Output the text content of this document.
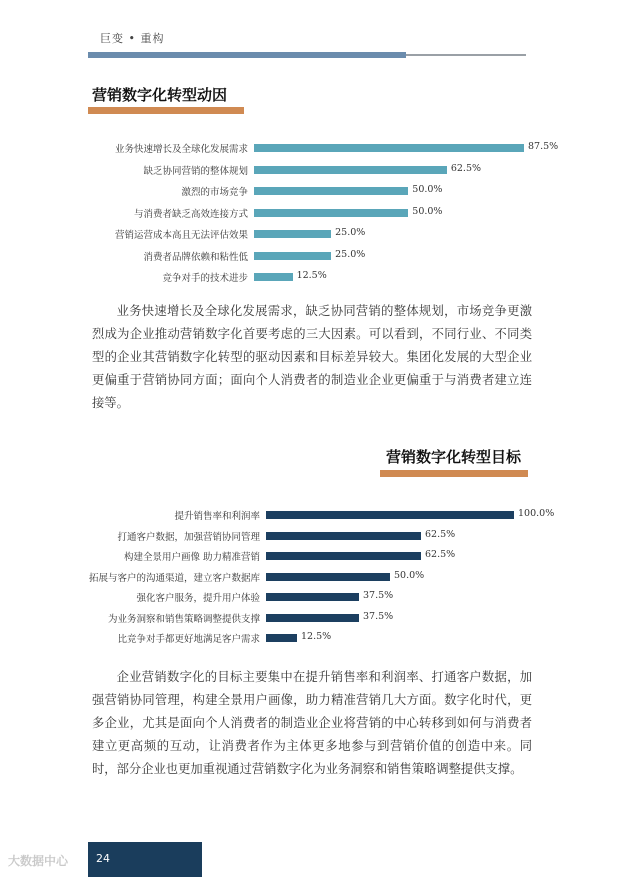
巨变 • 重构
营销数字化转型动因
业务快速增长及全球化发展需求	87.5%
缺乏协同营销的整体规划	62.5%
激烈的市场竞争	50.0%
与消费者缺乏高效连接方式	50.0%
营销运营成本高且无法评估效果	25.0%
消费者品牌依赖和粘性低	25.0%
竞争对手的技术进步	12.5%
业务快速增长及全球化发展需求，缺乏协同营销的整体规划，市场竞争更激烈成为企业推动营销数字化首要考虑的三大因素。可以看到，不同行业、不同类型的企业其营销数字化转型的驱动因素和目标差异较大。集团化发展的大型企业更偏重于营销协同方面；面向个人消费者的制造业企业更偏重于与消费者建立连接等。
营销数字化转型目标
提升销售率和利润率	100.0%
打通客户数据，加强营销协同管理	62.5%
构建全景用户画像 助力精准营销	62.5%
拓展与客户的沟通渠道，建立客户数据库	50.0%
强化客户服务，提升用户体验	37.5%
为业务洞察和销售策略调整提供支撑	37.5%
比竞争对手都更好地满足客户需求	12.5%
企业营销数字化的目标主要集中在提升销售率和利润率、打通客户数据，加强营销协同管理，构建全景用户画像，助力精准营销几大方面。数字化时代，更多企业，尤其是面向个人消费者的制造业企业将营销的中心转移到如何与消费者建立更高频的互动，让消费者作为主体更多地参与到营销价值的创造中来。同时，部分企业也更加重视通过营销数字化为业务洞察和销售策略调整提供支撑。
24
大数据中心
